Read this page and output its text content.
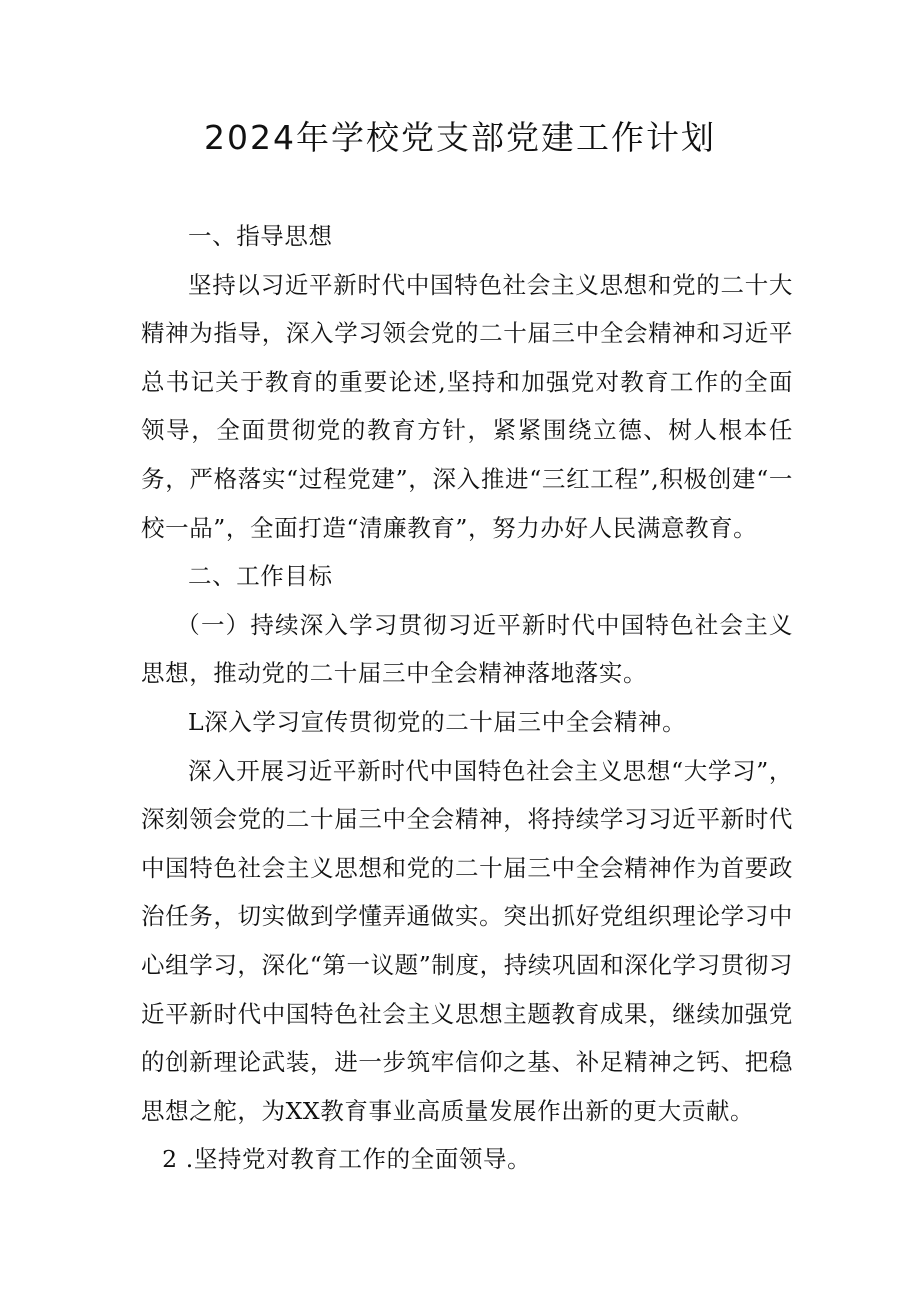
2024年学校党支部党建工作计划

一、指导思想

坚持以习近平新时代中国特色社会主义思想和党的二十大精神为指导，深入学习领会党的二十届三中全会精神和习近平总书记关于教育的重要论述,坚持和加强党对教育工作的全面领导，全面贯彻党的教育方针，紧紧围绕立德、树人根本任务，严格落实“过程党建”，深入推进“三红工程”,积极创建“一校一品”，全面打造“清廉教育”，努力办好人民满意教育。

二、工作目标

（一）持续深入学习贯彻习近平新时代中国特色社会主义思想，推动党的二十届三中全会精神落地落实。

L深入学习宣传贯彻党的二十届三中全会精神。

深入开展习近平新时代中国特色社会主义思想“大学习”，深刻领会党的二十届三中全会精神，将持续学习习近平新时代中国特色社会主义思想和党的二十届三中全会精神作为首要政治任务，切实做到学懂弄通做实。突出抓好党组织理论学习中心组学习，深化“第一议题”制度，持续巩固和深化学习贯彻习近平新时代中国特色社会主义思想主题教育成果，继续加强党的创新理论武装，进一步筑牢信仰之基、补足精神之钙、把稳思想之舵，为XX教育事业高质量发展作出新的更大贡献。

2 .坚持党对教育工作的全面领导。
